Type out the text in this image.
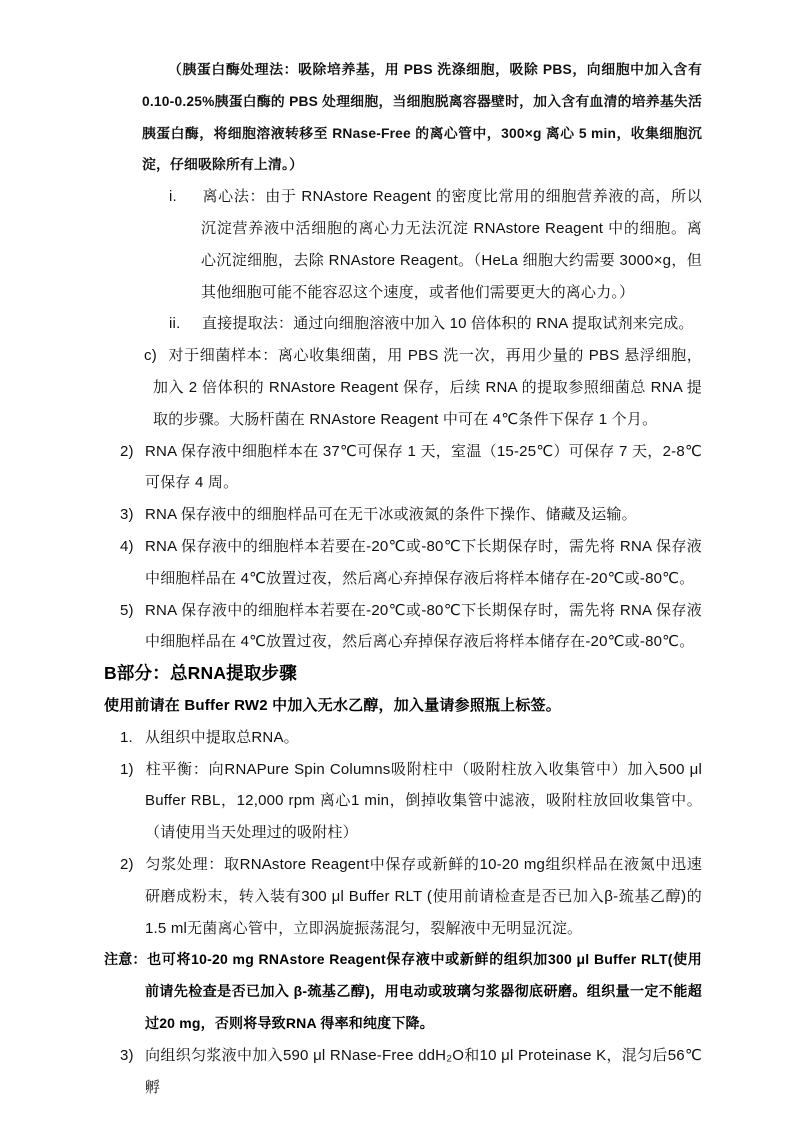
（胰蛋白酶处理法：吸除培养基，用 PBS 洗涤细胞，吸除 PBS，向细胞中加入含有 0.10-0.25%胰蛋白酶的 PBS 处理细胞，当细胞脱离容器壁时，加入含有血清的培养基失活胰蛋白酶，将细胞溶液转移至 RNase-Free 的离心管中，300×g 离心 5 min，收集细胞沉淀，仔细吸除所有上清。）
i. 离心法：由于 RNAstore Reagent 的密度比常用的细胞营养液的高，所以沉淀营养液中活细胞的离心力无法沉淀 RNAstore Reagent 中的细胞。离心沉淀细胞，去除 RNAstore Reagent。（HeLa 细胞大约需要 3000×g，但其他细胞可能不能容忍这个速度，或者他们需要更大的离心力。）
ii. 直接提取法：通过向细胞溶液中加入 10 倍体积的 RNA 提取试剂来完成。
c) 对于细菌样本：离心收集细菌，用 PBS 洗一次，再用少量的 PBS 悬浮细胞，加入 2 倍体积的 RNAstore Reagent 保存，后续 RNA 的提取参照细菌总 RNA 提取的步骤。大肠杆菌在 RNAstore Reagent 中可在 4℃条件下保存 1 个月。
2) RNA 保存液中细胞样本在 37℃可保存 1 天，室温（15-25℃）可保存 7 天，2-8℃可保存 4 周。
3) RNA 保存液中的细胞样品可在无干冰或液氮的条件下操作、储藏及运输。
4) RNA 保存液中的细胞样本若要在-20℃或-80℃下长期保存时，需先将 RNA 保存液中细胞样品在 4℃放置过夜，然后离心弃掉保存液后将样本储存在-20℃或-80℃。
5) RNA 保存液中的细胞样本若要在-20℃或-80℃下长期保存时，需先将 RNA 保存液中细胞样品在 4℃放置过夜，然后离心弃掉保存液后将样本储存在-20℃或-80℃。
B部分：总RNA提取步骤
使用前请在 Buffer RW2 中加入无水乙醇，加入量请参照瓶上标签。
1. 从组织中提取总RNA。
1) 柱平衡：向RNAPure Spin Columns吸附柱中（吸附柱放入收集管中）加入500 μl Buffer RBL，12,000 rpm 离心1 min，倒掉收集管中滤液，吸附柱放回收集管中。（请使用当天处理过的吸附柱）
2) 匀浆处理：取RNAstore Reagent中保存或新鲜的10-20 mg组织样品在液氮中迅速研磨成粉末，转入装有300 μl Buffer RLT (使用前请检查是否已加入β-巯基乙醇)的1.5 ml无菌离心管中，立即涡旋振荡混匀，裂解液中无明显沉淀。
注意：也可将10-20 mg RNAstore Reagent保存液中或新鲜的组织加300 μl Buffer RLT(使用前请先检查是否已加入 β-巯基乙醇)，用电动或玻璃匀浆器彻底研磨。组织量一定不能超过20 mg，否则将导致RNA 得率和纯度下降。
3) 向组织匀浆液中加入590 μl RNase-Free ddH₂O和10 μl Proteinase K，混匀后56℃孵
